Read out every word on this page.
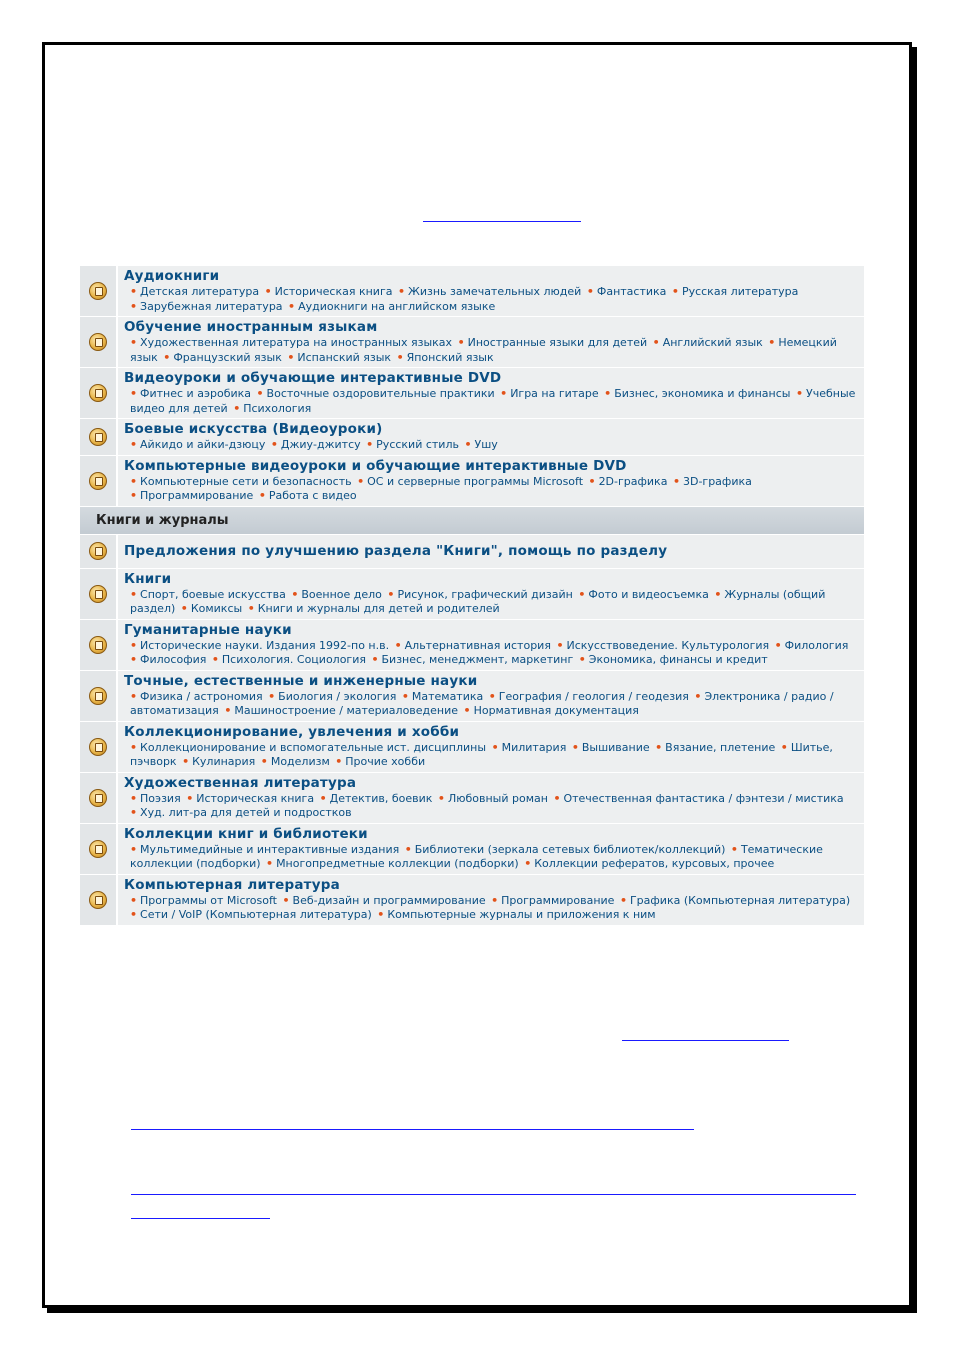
Аудиокниги
• Детская литература • Историческая книга • Жизнь замечательных людей • Фантастика • Русская литература • Зарубежная литература • Аудиокниги на английском языке
Обучение иностранным языкам
• Художественная литература на иностранных языках • Иностранные языки для детей • Английский язык • Немецкий язык • Французский язык • Испанский язык • Японский язык
Видеоуроки и обучающие интерактивные DVD
• Фитнес и аэробика • Восточные оздоровительные практики • Игра на гитаре • Бизнес, экономика и финансы • Учебные видео для детей • Психология
Боевые искусства (Видеоуроки)
• Айкидо и айки-дзюцу • Джиу-джитсу • Русский стиль • Ушу
Компьютерные видеоуроки и обучающие интерактивные DVD
• Компьютерные сети и безопасность • ОС и серверные программы Microsoft • 2D-графика • 3D-графика • Программирование • Работа с видео
Книги и журналы
Предложения по улучшению раздела "Книги", помощь по разделу
Книги
• Спорт, боевые искусства • Военное дело • Рисунок, графический дизайн • Фото и видеосъемка • Журналы (общий раздел) • Комиксы • Книги и журналы для детей и родителей
Гуманитарные науки
• Исторические науки. Издания 1992-по н.в. • Альтернативная история • Искусствоведение. Культурология • Филология • Философия • Психология. Социология • Бизнес, менеджмент, маркетинг • Экономика, финансы и кредит
Точные, естественные и инженерные науки
• Физика / астрономия • Биология / экология • Математика • География / геология / геодезия • Электроника / радио / автоматизация • Машиностроение / материаловедение • Нормативная документация
Коллекционирование, увлечения и хобби
• Коллекционирование и вспомогательные ист. дисциплины • Милитария • Вышивание • Вязание, плетение • Шитье, пэчворк • Кулинария • Моделизм • Прочие хобби
Художественная литература
• Поэзия • Историческая книга • Детектив, боевик • Любовный роман • Отечественная фантастика / фэнтези / мистика • Худ. лит-ра для детей и подростков
Коллекции книг и библиотеки
• Мультимедийные и интерактивные издания • Библиотеки (зеркала сетевых библиотек/коллекций) • Тематические коллекции (подборки) • Многопредметные коллекции (подборки) • Коллекции рефератов, курсовых, прочее
Компьютерная литература
• Программы от Microsoft • Веб-дизайн и программирование • Программирование • Графика (Компьютерная литература) • Сети / VoIP (Компьютерная литература) • Компьютерные журналы и приложения к ним
